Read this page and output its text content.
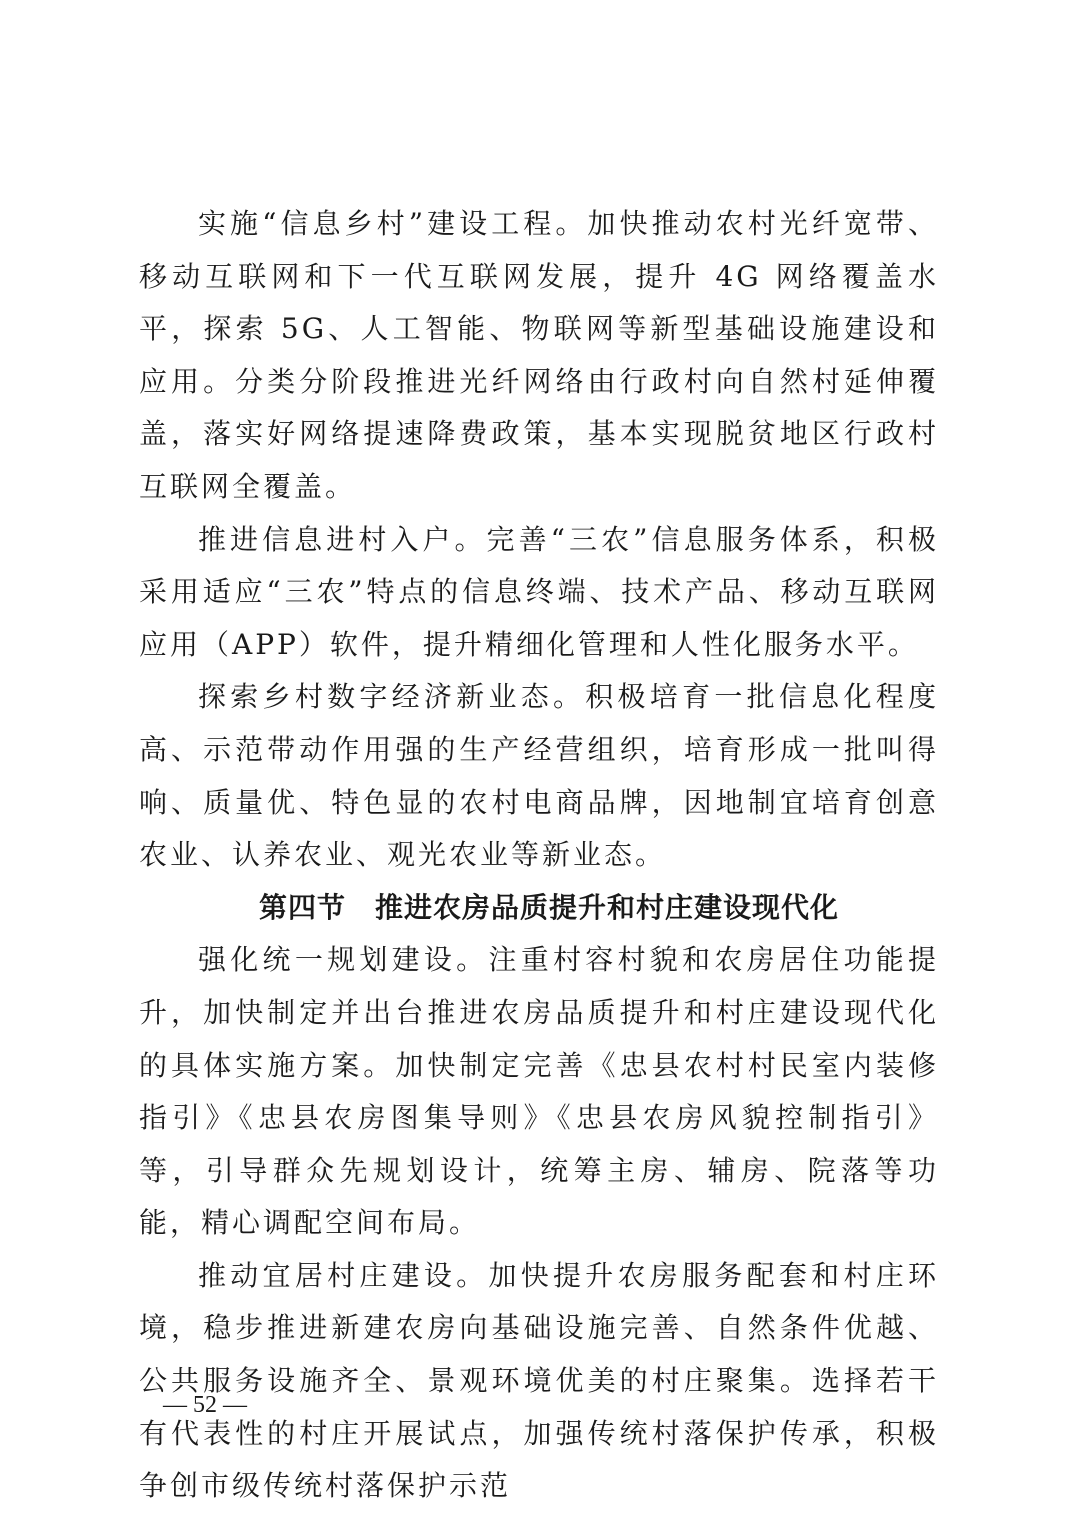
实施“信息乡村”建设工程。加快推动农村光纤宽带、移动互联网和下一代互联网发展，提升 4G 网络覆盖水平，探索 5G、人工智能、物联网等新型基础设施建设和应用。分类分阶段推进光纤网络由行政村向自然村延伸覆盖，落实好网络提速降费政策，基本实现脱贫地区行政村互联网全覆盖。

推进信息进村入户。完善“三农”信息服务体系，积极采用适应“三农”特点的信息终端、技术产品、移动互联网应用（APP）软件，提升精细化管理和人性化服务水平。

探索乡村数字经济新业态。积极培育一批信息化程度高、示范带动作用强的生产经营组织，培育形成一批叫得响、质量优、特色显的农村电商品牌，因地制宜培育创意农业、认养农业、观光农业等新业态。

第四节　推进农房品质提升和村庄建设现代化

强化统一规划建设。注重村容村貌和农房居住功能提升，加快制定并出台推进农房品质提升和村庄建设现代化的具体实施方案。加快制定完善《忠县农村村民室内装修指引》《忠县农房图集导则》《忠县农房风貌控制指引》等，引导群众先规划设计，统筹主房、辅房、院落等功能，精心调配空间布局。

推动宜居村庄建设。加快提升农房服务配套和村庄环境，稳步推进新建农房向基础设施完善、自然条件优越、公共服务设施齐全、景观环境优美的村庄聚集。选择若干有代表性的村庄开展试点，加强传统村落保护传承，积极争创市级传统村落保护示范

— 52 —
